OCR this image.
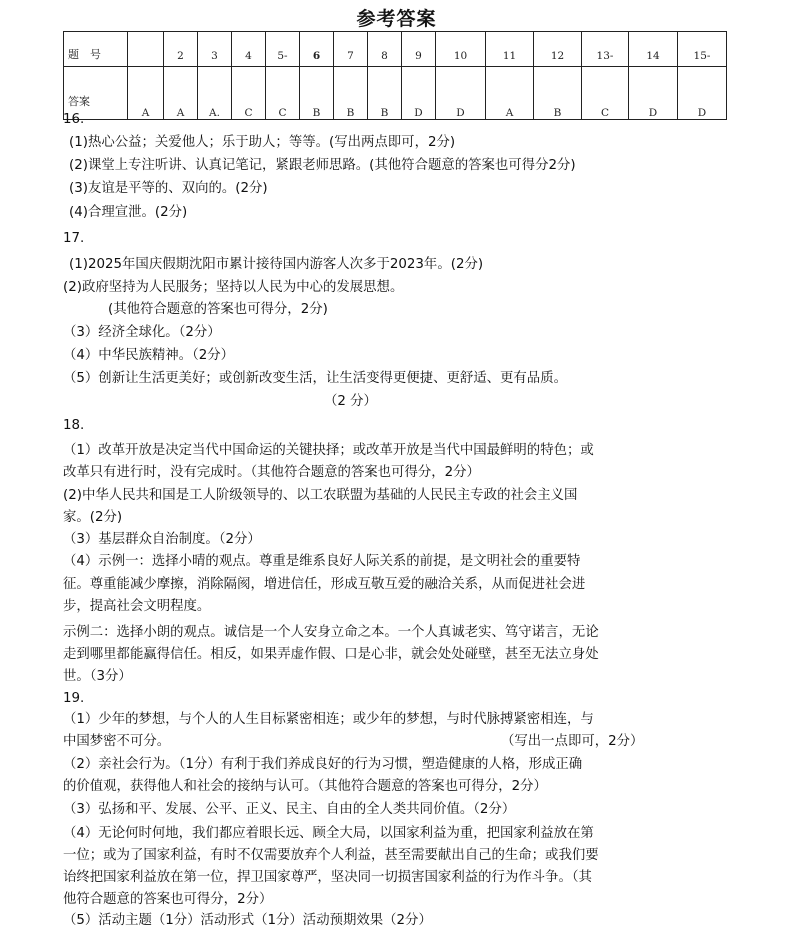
参考答案
题　号		2	3	4	5-	6	7	8	9	10	11	12	13-	14	15-
答案	A	A	A.	C	C	B	B	B	D	D	A	B	C	D	D
16.
(1)热心公益；关爱他人；乐于助人；等等。(写出两点即可，2分)
(2)课堂上专注听讲、认真记笔记，紧跟老师思路。(其他符合题意的答案也可得分2分)
(3)友谊是平等的、双向的。(2分)
(4)合理宣泄。(2分)
17.
(1)2025年国庆假期沈阳市累计接待国内游客人次多于2023年。(2分)
(2)政府坚持为人民服务；坚持以人民为中心的发展思想。
(其他符合题意的答案也可得分，2分)
（3）经济全球化。（2分）
（4）中华民族精神。（2分）
（5）创新让生活更美好；或创新改变生活，让生活变得更便捷、更舒适、更有品质。
（2 分）
18.
（1）改革开放是决定当代中国命运的关键抉择；或改革开放是当代中国最鲜明的特色；或
改革只有进行时，没有完成时。（其他符合题意的答案也可得分，2分）
(2)中华人民共和国是工人阶级领导的、以工农联盟为基础的人民民主专政的社会主义国
家。(2分)
（3）基层群众自治制度。（2分）
（4）示例一：选择小晴的观点。尊重是维系良好人际关系的前提，是文明社会的重要特
征。尊重能减少摩擦，消除隔阂，增进信任，形成互敬互爱的融洽关系，从而促进社会进
步，提高社会文明程度。
示例二：选择小朗的观点。诚信是一个人安身立命之本。一个人真诚老实、笃守诺言，无论
走到哪里都能赢得信任。相反，如果弄虚作假、口是心非，就会处处碰壁，甚至无法立身处
世。（3分）
19.
（1）少年的梦想，与个人的人生目标紧密相连；或少年的梦想，与时代脉搏紧密相连，与
中国梦密不可分。	（写出一点即可，2分）
（2）亲社会行为。（1分）有利于我们养成良好的行为习惯，塑造健康的人格，形成正确
的价值观，获得他人和社会的接纳与认可。（其他符合题意的答案也可得分，2分）
（3）弘扬和平、发展、公平、正义、民主、自由的全人类共同价值。（2分）
（4）无论何时何地，我们都应着眼长远、顾全大局，以国家利益为重，把国家利益放在第
一位；或为了国家利益，有时不仅需要放弃个人利益，甚至需要献出自己的生命；或我们要
诒终把国家利益放在第一位，捍卫国家尊严，坚决同一切损害国家利益的行为作斗争。（其
他符合题意的答案也可得分，2分）
（5）活动主题（1分）活动形式（1分）活动预期效果（2分）
